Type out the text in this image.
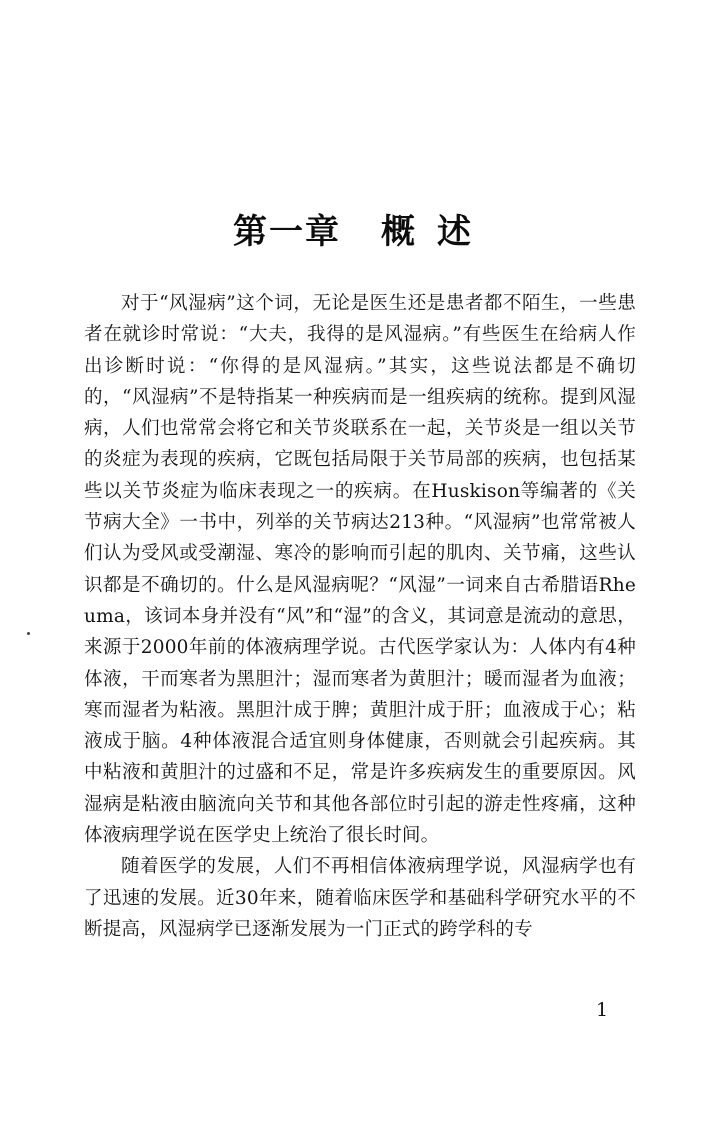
第一章 概 述

对于“风湿病”这个词，无论是医生还是患者都不陌生，一些患者在就诊时常说：“大夫，我得的是风湿病。”有些医生在给病人作出诊断时说：“你得的是风湿病。”其实，这些说法都是不确切的，“风湿病”不是特指某一种疾病而是一组疾病的统称。提到风湿病，人们也常常会将它和关节炎联系在一起，关节炎是一组以关节的炎症为表现的疾病，它既包括局限于关节局部的疾病，也包括某些以关节炎症为临床表现之一的疾病。在Huskison等编著的《关节病大全》一书中，列举的关节病达213种。“风湿病”也常常被人们认为受风或受潮湿、寒冷的影响而引起的肌肉、关节痛，这些认识都是不确切的。什么是风湿病呢？“风湿”一词来自古希腊语Rheuma，该词本身并没有“风”和“湿”的含义，其词意是流动的意思，来源于2000年前的体液病理学说。古代医学家认为：人体内有4种体液，干而寒者为黑胆汁；湿而寒者为黄胆汁；暖而湿者为血液；寒而湿者为粘液。黑胆汁成于脾；黄胆汁成于肝；血液成于心；粘液成于脑。4种体液混合适宜则身体健康，否则就会引起疾病。其中粘液和黄胆汁的过盛和不足，常是许多疾病发生的重要原因。风湿病是粘液由脑流向关节和其他各部位时引起的游走性疼痛，这种体液病理学说在医学史上统治了很长时间。

随着医学的发展，人们不再相信体液病理学说，风湿病学也有了迅速的发展。近30年来，随着临床医学和基础科学研究水平的不断提高，风湿病学已逐渐发展为一门正式的跨学科的专

1
